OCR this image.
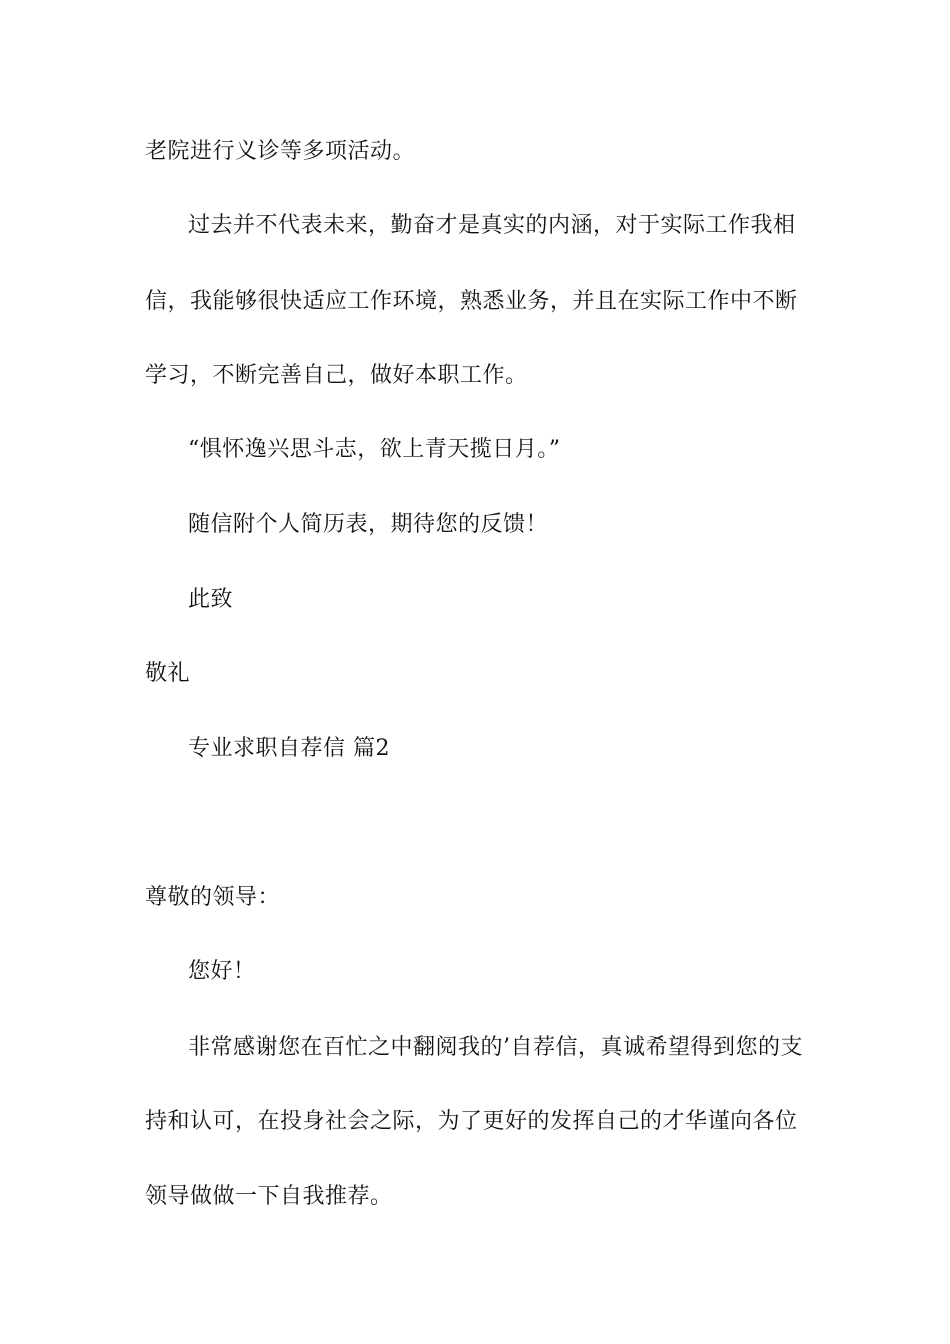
老院进行义诊等多项活动。
过去并不代表未来，勤奋才是真实的内涵，对于实际工作我相
信，我能够很快适应工作环境，熟悉业务，并且在实际工作中不断
学习，不断完善自己，做好本职工作。
“惧怀逸兴思斗志，欲上青天揽日月。”
随信附个人简历表，期待您的反馈！
此致
敬礼
专业求职自荐信 篇2
尊敬的领导：
您好！
非常感谢您在百忙之中翻阅我的’自荐信，真诚希望得到您的支
持和认可，在投身社会之际，为了更好的发挥自己的才华谨向各位
领导做做一下自我推荐。
